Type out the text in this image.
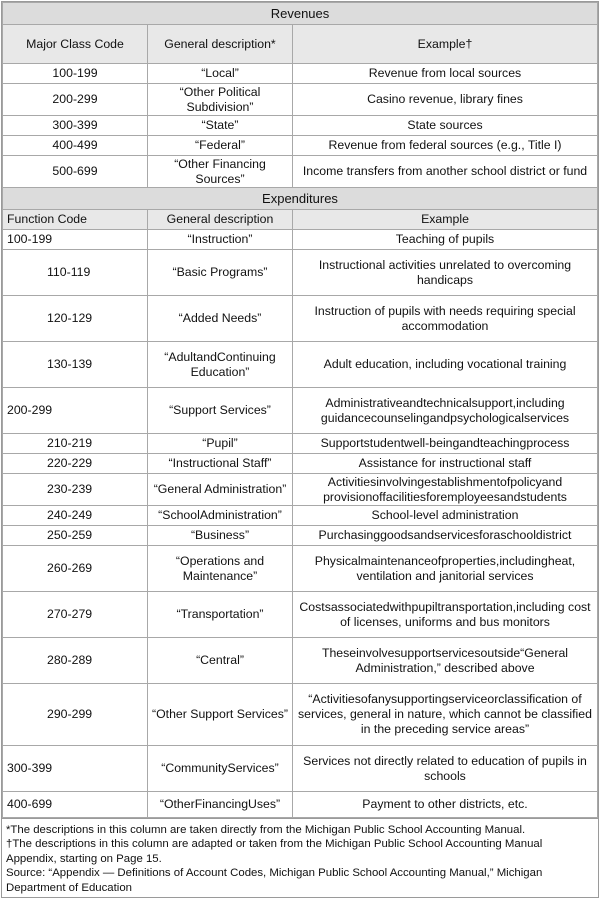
Revenues		
Major Class Code	General description*	Example†
100-199	“Local”	Revenue from local sources
200-299	“Other Political Subdivision”	Casino revenue, library fines
300-399	“State”	State sources
400-499	“Federal”	Revenue from federal sources (e.g., Title I)
500-699	“Other Financing Sources”	Income transfers from another school district or fund
Expenditures		
Function Code	General description	Example
100-199	“Instruction”	Teaching of pupils
110-119	“Basic Programs”	Instructional activities unrelated to overcoming handicaps
120-129	“Added Needs”	Instruction of pupils with needs requiring special accommodation
130-139	“AdultandContinuing Education”	Adult education, including vocational training
200-299	“Support Services”	Administrativeandtechnicalsupport,including guidancecounselingandpsychologicalservices
210-219	“Pupil”	Supportstudentwell-beingandteachingprocess
220-229	“Instructional Staff”	Assistance for instructional staff
230-239	“General Administration”	Activitiesinvolvingestablishmentofpolicyand provisionoffacilitiesforemployeesandstudents
240-249	“SchoolAdministration”	School-level administration
250-259	“Business”	Purchasinggoodsandservicesforaschooldistrict
260-269	“Operations and Maintenance”	Physicalmaintenanceofproperties,includingheat, ventilation and janitorial services
270-279	“Transportation”	Costsassociatedwithpupiltransportation,including cost of licenses, uniforms and bus monitors
280-289	“Central”	Theseinvolvesupportservicesoutside“General Administration,” described above
290-299	“Other Support Services”	“Activitiesofanysupportingserviceorclassification of services, general in nature, which cannot be classified in the preceding service areas”
300-399	“CommunityServices”	Services not directly related to education of pupils in schools
400-699	“OtherFinancingUses”	Payment to other districts, etc.
*The descriptions in this column are taken directly from the Michigan Public School Accounting Manual.
†The descriptions in this column are adapted or taken from the Michigan Public School Accounting Manual Appendix, starting on Page 15.
Source: “Appendix — Definitions of Account Codes, Michigan Public School Accounting Manual,” Michigan Department of Education
